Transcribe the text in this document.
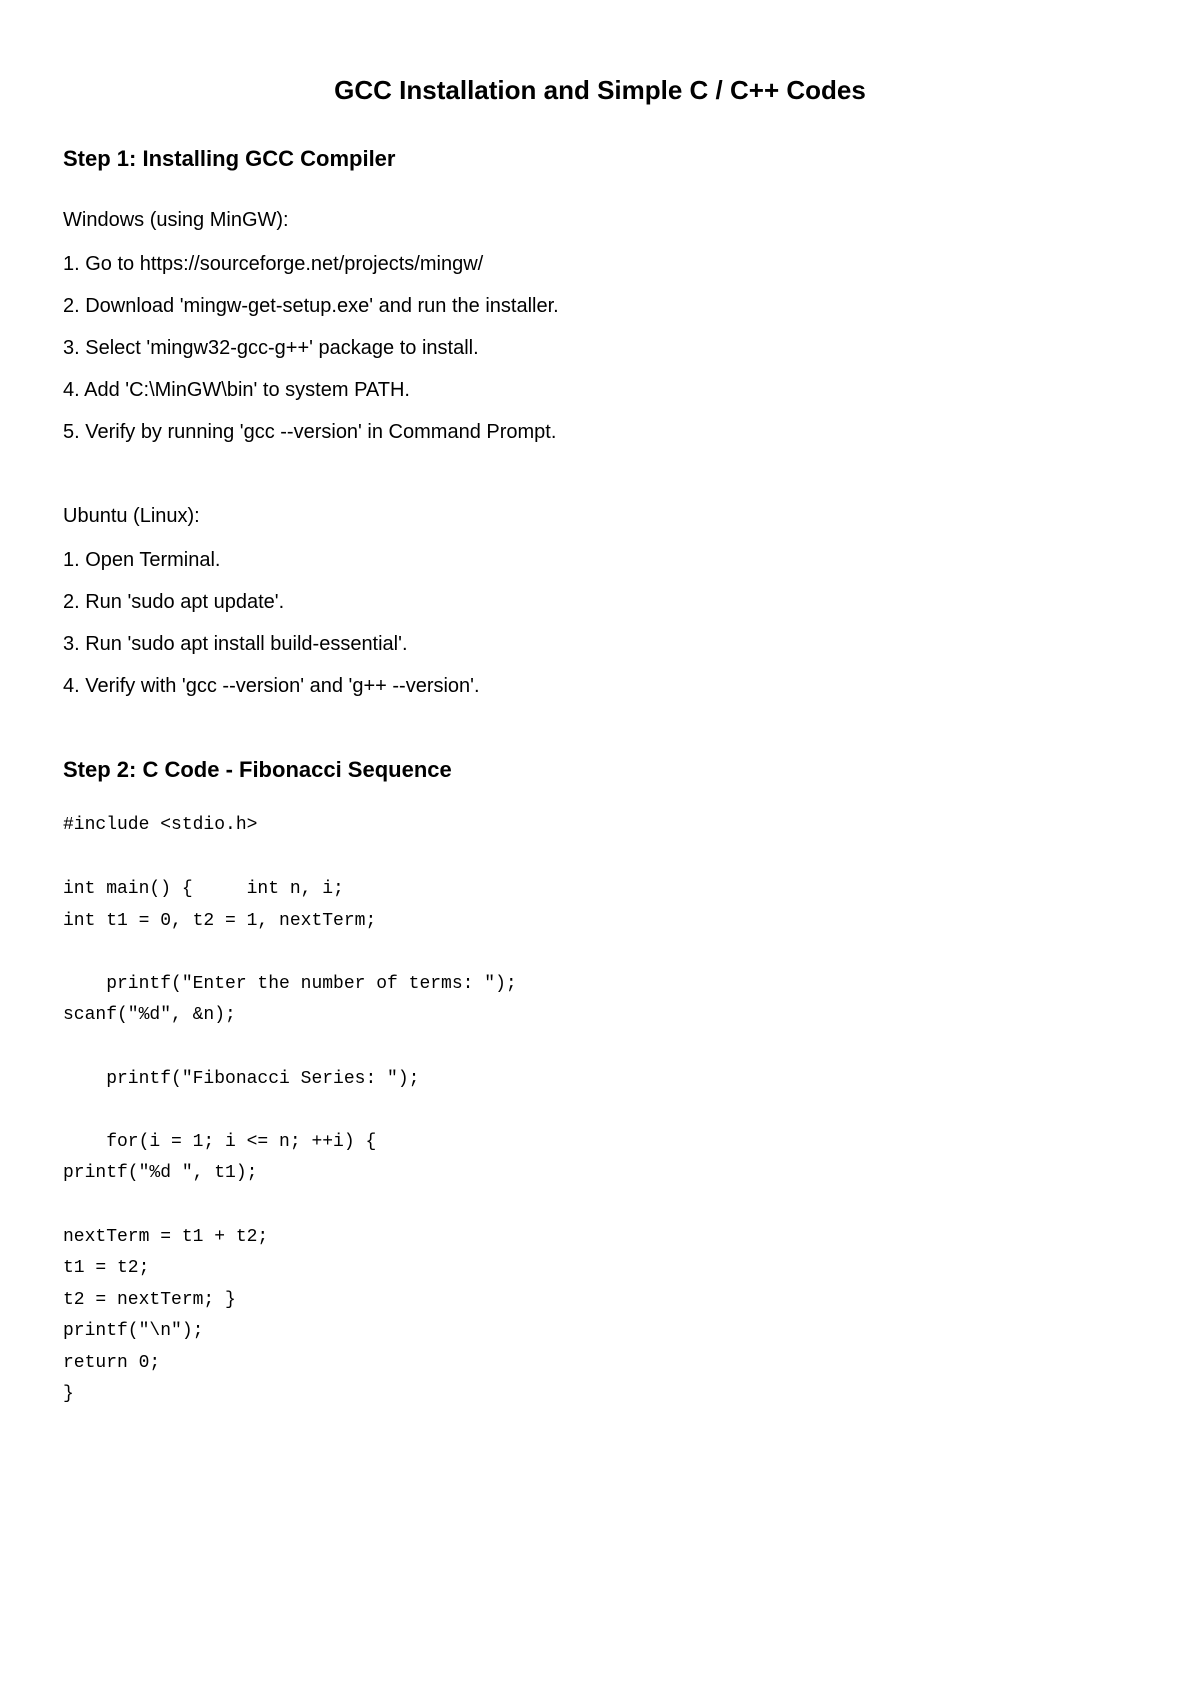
GCC Installation and Simple C / C++ Codes
Step 1: Installing GCC Compiler

Windows (using MinGW):

1. Go to https://sourceforge.net/projects/mingw/

2. Download 'mingw-get-setup.exe' and run the installer.

3. Select 'mingw32-gcc-g++' package to install.

4. Add 'C:\MinGW\bin' to system PATH.

5. Verify by running 'gcc --version' in Command Prompt.

Ubuntu (Linux):

1. Open Terminal.

2. Run 'sudo apt update'.

3. Run 'sudo apt install build-essential'.

4. Verify with 'gcc --version' and 'g++ --version'.

Step 2: C Code - Fibonacci Sequence

#include <stdio.h>

int main() {     int n, i;

int t1 = 0, t2 = 1, nextTerm;

printf("Enter the number of terms: ");

scanf("%d", &n);

printf("Fibonacci Series: ");

for(i = 1; i <= n; ++i) {

printf("%d ", t1);

nextTerm = t1 + t2;

t1 = t2;

t2 = nextTerm; }

printf("\n");

return 0;

}
